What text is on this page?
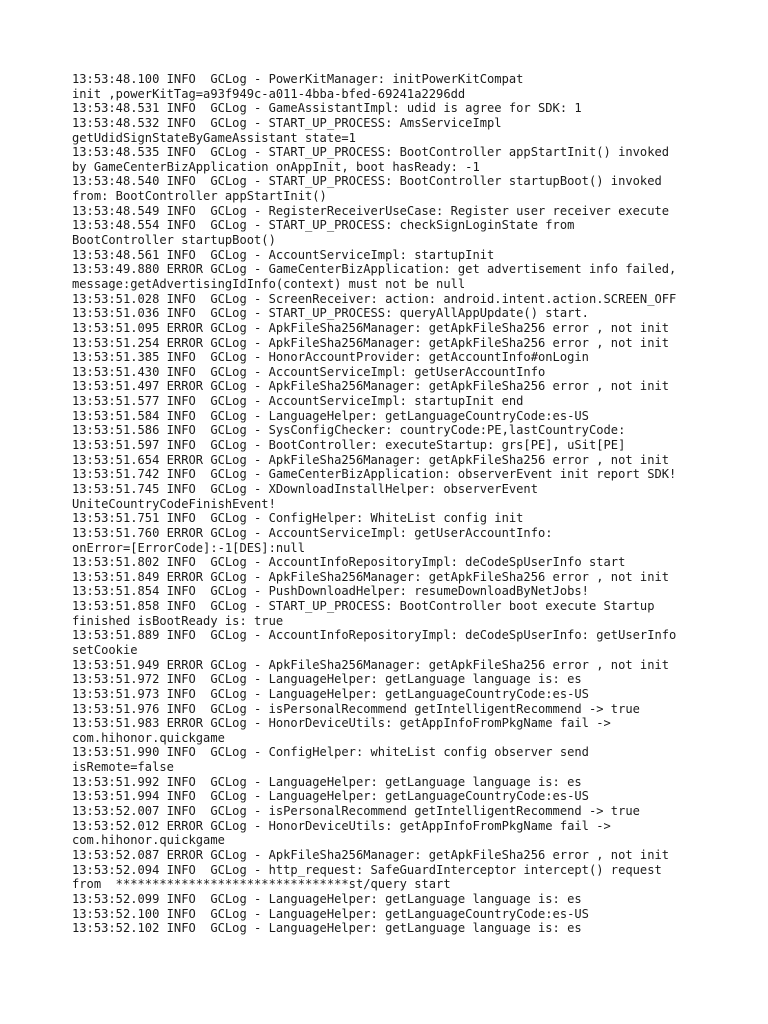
13:53:48.100 INFO  GCLog - PowerKitManager: initPowerKitCompat
init ,powerKitTag=a93f949c-a011-4bba-bfed-69241a2296dd
13:53:48.531 INFO  GCLog - GameAssistantImpl: udid is agree for SDK: 1
13:53:48.532 INFO  GCLog - START_UP_PROCESS: AmsServiceImpl
getUdidSignStateByGameAssistant state=1
13:53:48.535 INFO  GCLog - START_UP_PROCESS: BootController appStartInit() invoked
by GameCenterBizApplication onAppInit, boot hasReady: -1
13:53:48.540 INFO  GCLog - START_UP_PROCESS: BootController startupBoot() invoked
from: BootController appStartInit()
13:53:48.549 INFO  GCLog - RegisterReceiverUseCase: Register user receiver execute
13:53:48.554 INFO  GCLog - START_UP_PROCESS: checkSignLoginState from
BootController startupBoot()
13:53:48.561 INFO  GCLog - AccountServiceImpl: startupInit
13:53:49.880 ERROR GCLog - GameCenterBizApplication: get advertisement info failed,
message:getAdvertisingIdInfo(context) must not be null
13:53:51.028 INFO  GCLog - ScreenReceiver: action: android.intent.action.SCREEN_OFF
13:53:51.036 INFO  GCLog - START_UP_PROCESS: queryAllAppUpdate() start.
13:53:51.095 ERROR GCLog - ApkFileSha256Manager: getApkFileSha256 error , not init
13:53:51.254 ERROR GCLog - ApkFileSha256Manager: getApkFileSha256 error , not init
13:53:51.385 INFO  GCLog - HonorAccountProvider: getAccountInfo#onLogin
13:53:51.430 INFO  GCLog - AccountServiceImpl: getUserAccountInfo
13:53:51.497 ERROR GCLog - ApkFileSha256Manager: getApkFileSha256 error , not init
13:53:51.577 INFO  GCLog - AccountServiceImpl: startupInit end
13:53:51.584 INFO  GCLog - LanguageHelper: getLanguageCountryCode:es-US
13:53:51.586 INFO  GCLog - SysConfigChecker: countryCode:PE,lastCountryCode:
13:53:51.597 INFO  GCLog - BootController: executeStartup: grs[PE], uSit[PE]
13:53:51.654 ERROR GCLog - ApkFileSha256Manager: getApkFileSha256 error , not init
13:53:51.742 INFO  GCLog - GameCenterBizApplication: observerEvent init report SDK!
13:53:51.745 INFO  GCLog - XDownloadInstallHelper: observerEvent
UniteCountryCodeFinishEvent!
13:53:51.751 INFO  GCLog - ConfigHelper: WhiteList config init
13:53:51.760 ERROR GCLog - AccountServiceImpl: getUserAccountInfo:
onError=[ErrorCode]:-1[DES]:null
13:53:51.802 INFO  GCLog - AccountInfoRepositoryImpl: deCodeSpUserInfo start
13:53:51.849 ERROR GCLog - ApkFileSha256Manager: getApkFileSha256 error , not init
13:53:51.854 INFO  GCLog - PushDownloadHelper: resumeDownloadByNetJobs!
13:53:51.858 INFO  GCLog - START_UP_PROCESS: BootController boot execute Startup
finished isBootReady is: true
13:53:51.889 INFO  GCLog - AccountInfoRepositoryImpl: deCodeSpUserInfo: getUserInfo
setCookie
13:53:51.949 ERROR GCLog - ApkFileSha256Manager: getApkFileSha256 error , not init
13:53:51.972 INFO  GCLog - LanguageHelper: getLanguage language is: es
13:53:51.973 INFO  GCLog - LanguageHelper: getLanguageCountryCode:es-US
13:53:51.976 INFO  GCLog - isPersonalRecommend getIntelligentRecommend -> true
13:53:51.983 ERROR GCLog - HonorDeviceUtils: getAppInfoFromPkgName fail ->
com.hihonor.quickgame
13:53:51.990 INFO  GCLog - ConfigHelper: whiteList config observer send
isRemote=false
13:53:51.992 INFO  GCLog - LanguageHelper: getLanguage language is: es
13:53:51.994 INFO  GCLog - LanguageHelper: getLanguageCountryCode:es-US
13:53:52.007 INFO  GCLog - isPersonalRecommend getIntelligentRecommend -> true
13:53:52.012 ERROR GCLog - HonorDeviceUtils: getAppInfoFromPkgName fail ->
com.hihonor.quickgame
13:53:52.087 ERROR GCLog - ApkFileSha256Manager: getApkFileSha256 error , not init
13:53:52.094 INFO  GCLog - http_request: SafeGuardInterceptor intercept() request
from  ********************************st/query start
13:53:52.099 INFO  GCLog - LanguageHelper: getLanguage language is: es
13:53:52.100 INFO  GCLog - LanguageHelper: getLanguageCountryCode:es-US
13:53:52.102 INFO  GCLog - LanguageHelper: getLanguage language is: es
